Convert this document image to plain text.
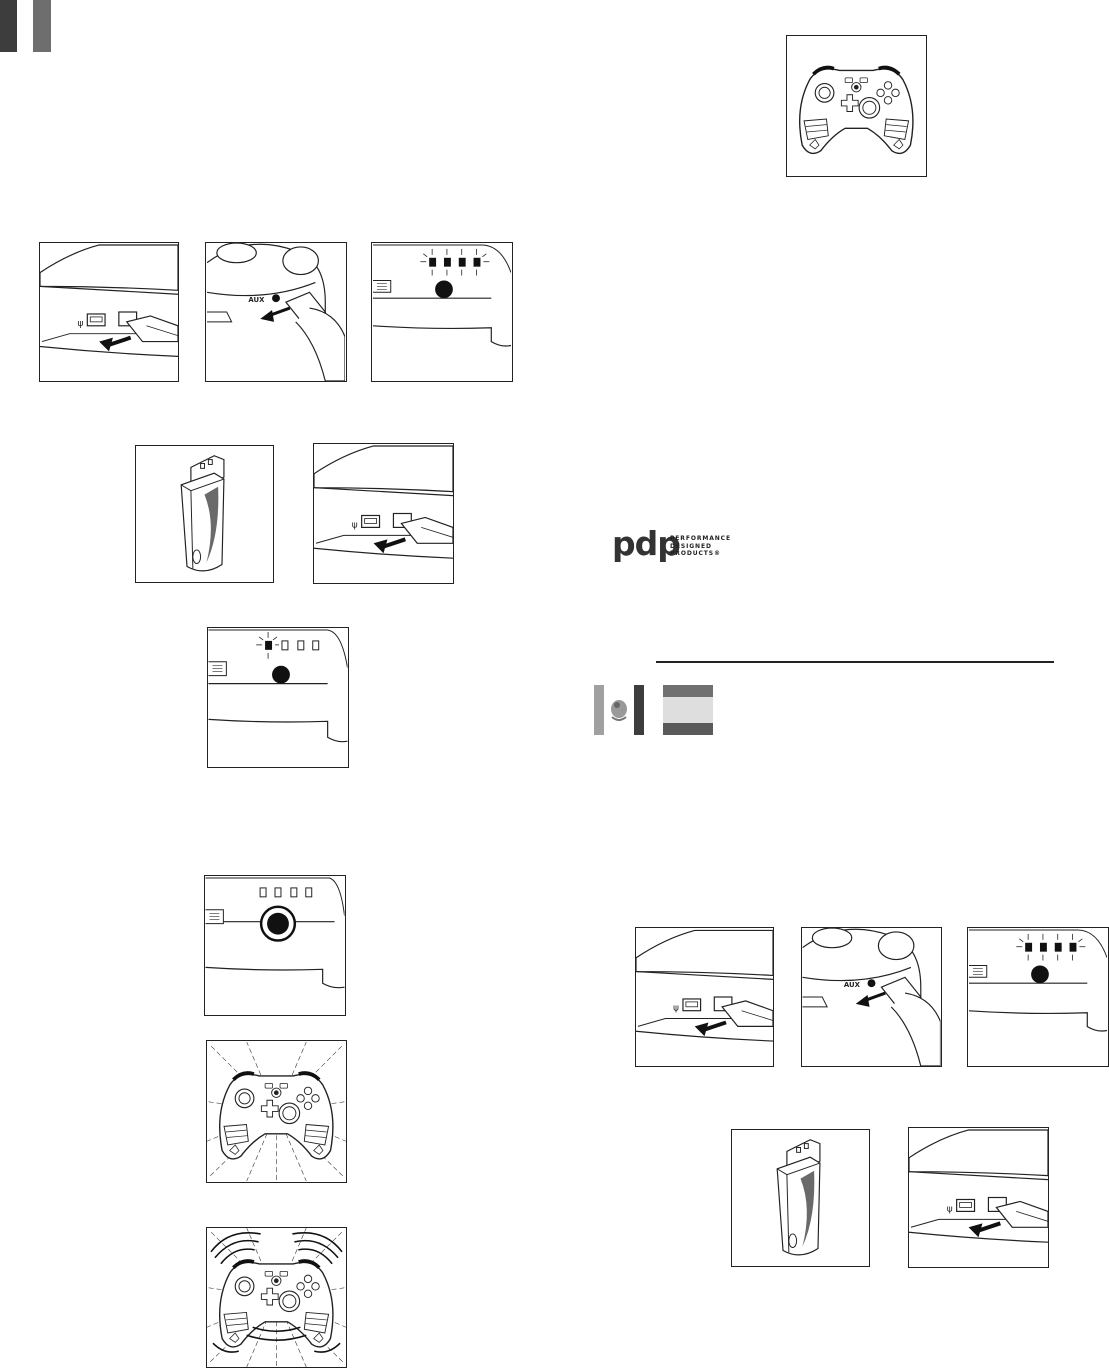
pdp
PERFORMANCE
DESIGNED
PRODUCTS®
